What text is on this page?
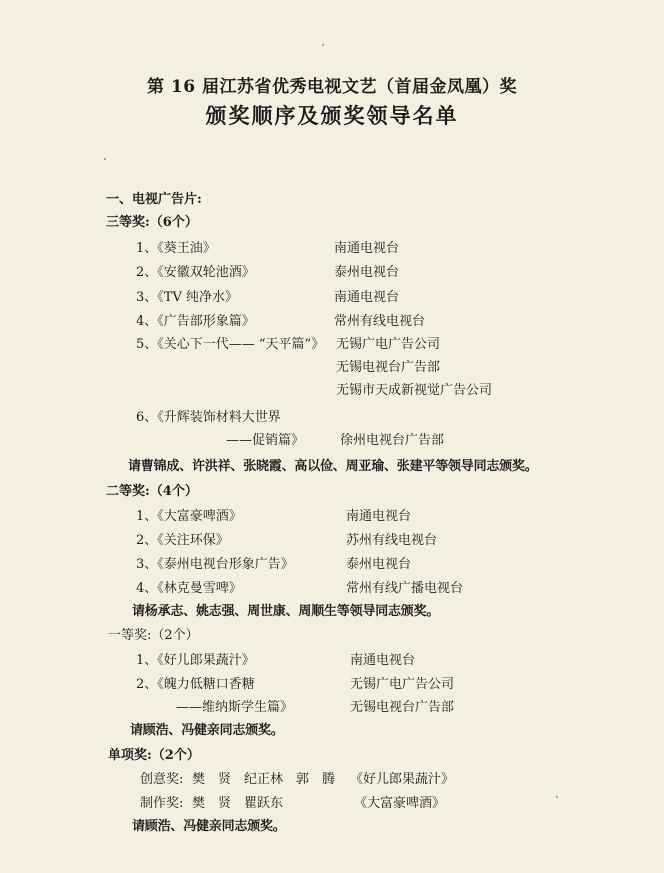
第 16 届江苏省优秀电视文艺（首届金凤凰）奖
颁奖顺序及颁奖领导名单
一、电视广告片:
三等奖:（6个）
1、《葵王油》	南通电视台
2、《安徽双轮池酒》	泰州电视台
3、《TV 纯净水》	南通电视台
4、《广告部形象篇》	常州有线电视台
5、《关心下一代—— “天平篇”》 无锡广电广告公司
无锡电视台广告部
无锡市天成新视觉广告公司
6、《升辉装饰材料大世界
——促销篇》	徐州电视台广告部
请曹锦成、许洪祥、张晓霞、高以俭、周亚瑜、张建平等领导同志颁奖。
二等奖:（4个）
1、《大富豪啤酒》	南通电视台
2、《关注环保》	苏州有线电视台
3、《泰州电视台形象广告》	泰州电视台
4、《林克曼雪啤》	常州有线广播电视台
请杨承志、姚志强、周世康、周顺生等领导同志颁奖。
一等奖:（2个）
1、《好儿郎果蔬汁》	南通电视台
2、《魄力低糖口香糖	无锡广电广告公司
——维纳斯学生篇》	无锡电视台广告部
请顾浩、冯健亲同志颁奖。
单项奖:（2个）
创意奖: 樊　贤　纪正林　郭　腾 《好儿郎果蔬汁》
制作奖: 樊　贤　瞿跃东	《大富豪啤酒》
请顾浩、冯健亲同志颁奖。
